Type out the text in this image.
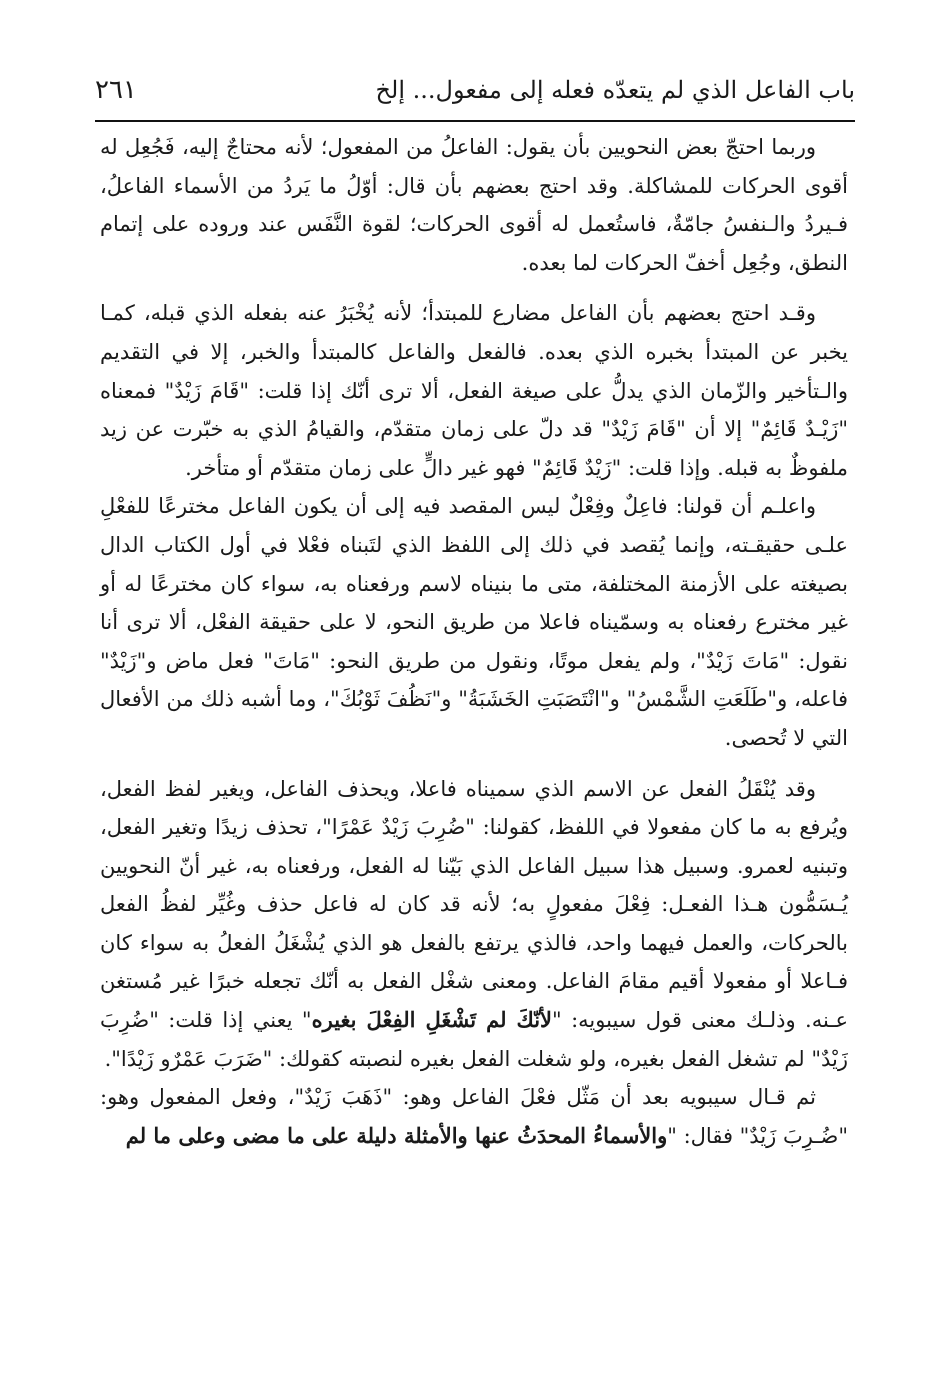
باب الفاعل الذي لم يتعدّه فعله إلى مفعول... إلخ
٢٦١

وربما احتجّ بعض النحويين بأن يقول: الفاعلُ من المفعول؛ لأنه محتاجٌ إليه، فَجُعِل له أقوى الحركات للمشاكلة. وقد احتج بعضهم بأن قال: أوّلُ ما يَردُ من الأسماء الفاعلُ، فـيردُ والـنفسُ جامّةٌ، فاستُعمل له أقوى الحركات؛ لقوة النَّفَس عند وروده على إتمام النطق، وجُعِل أخفّ الحركات لما بعده.

وقـد احتج بعضهم بأن الفاعل مضارع للمبتدأ؛ لأنه يُخْبَرُ عنه بفعله الذي قبله، كمـا يخبر عن المبتدأ بخبره الذي بعده. فالفعل والفاعل كالمبتدأ والخبر، إلا في التقديم والـتأخير والزّمان الذي يدلُّ على صيغة الفعل، ألا ترى أنّك إذا قلت: "قَامَ زَيْدٌ" فمعناه "زَيْـدٌ قَائِمٌ" إلا أن "قَامَ زَيْدٌ" قد دلّ على زمان متقدّم، والقيامُ الذي به خبّرت عن زيد ملفوظٌ به قبله. وإذا قلت: "زَيْدٌ قَائِمٌ" فهو غير دالٍّ على زمان متقدّم أو متأخر.

واعلـم أن قولنا: فاعِلٌ وفِعْلٌ ليس المقصد فيه إلى أن يكون الفاعل مخترعًا للفعْلِ علـى حقيقـته، وإنما يُقصد في ذلك إلى اللفظ الذي لتَبناه فعْلا في أول الكتاب الدال بصيغته على الأزمنة المختلفة، متى ما بنيناه لاسم ورفعناه به، سواء كان مخترعًا له أو غير مخترع رفعناه به وسمّيناه فاعلا من طريق النحو، لا على حقيقة الفعْل، ألا ترى أنا نقول: "مَاتَ زَيْدٌ"، ولم يفعل موتًا، ونقول من طريق النحو: "مَاتَ" فعل ماض و"زَيْدٌ" فاعله، و"طَلَعَتِ الشَّمْسُ" و"انْتَصَبَتِ الخَشَبَةُ" و"نَظُفَ ثَوْبُكَ"، وما أشبه ذلك من الأفعال التي لا تُحصى.

وقد يُنْقَلُ الفعل عن الاسم الذي سميناه فاعلا، ويحذف الفاعل، ويغير لفظ الفعل، ويُرفع به ما كان مفعولا في اللفظ، كقولنا: "ضُرِبَ زَيْدٌ عَمْرًا"، تحذف زيدًا وتغير الفعل، وتبنيه لعمرو. وسبيل هذا سبيل الفاعل الذي بَيّنا له الفعل، ورفعناه به، غير أنّ النحويين يُـسَمُّون هـذا الفعـل: فِعْلَ مفعولٍ به؛ لأنه قد كان له فاعل حذف وغُيِّر لفظُ الفعل بالحركات، والعمل فيهما واحد، فالذي يرتفع بالفعل هو الذي يُشْغَلُ الفعلُ به سواء كان فـاعلا أو مفعولا أقيم مقامَ الفاعل. ومعنى شغْل الفعل به أنّك تجعله خبرًا غير مُستغن عـنه. وذلـك معنى قول سيبويه: "لأنّكَ لم تَشْغَلِ الفِعْلَ بغيره" يعني إذا قلت: "ضُرِبَ زَيْدٌ" لم تشغل الفعل بغيره، ولو شغلت الفعل بغيره لنصبته كقولك: "ضَرَبَ عَمْرٌو زَيْدًا".

ثم قـال سيبويه بعد أن مَثّل فعْلَ الفاعل وهو: "ذَهَبَ زَيْدٌ"، وفعل المفعول وهو: "ضُـرِبَ زَيْدٌ" فقال: "والأسماءُ المحدَثُ عنها والأمثلة دليلة على ما مضى وعلى ما لم
